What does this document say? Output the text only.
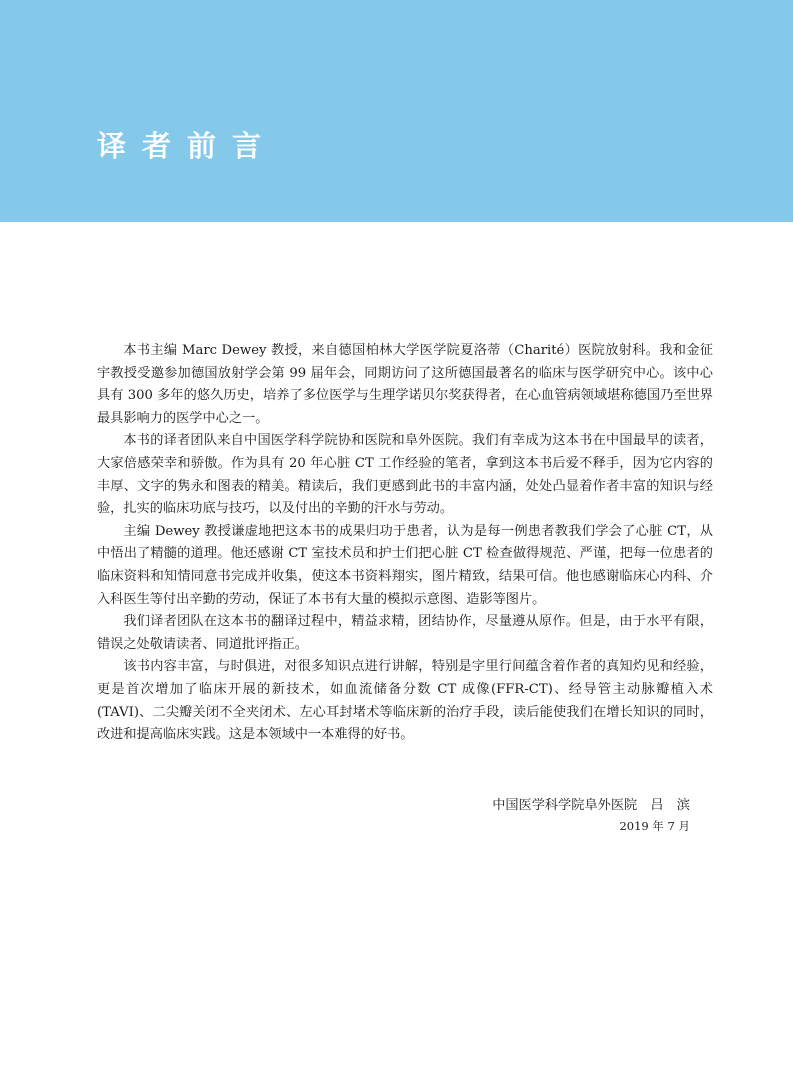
译者前言

本书主编 Marc Dewey 教授，来自德国柏林大学医学院夏洛蒂（Charité）医院放射科。我和金征宇教授受邀参加德国放射学会第 99 届年会，同期访问了这所德国最著名的临床与医学研究中心。该中心具有 300 多年的悠久历史，培养了多位医学与生理学诺贝尔奖获得者，在心血管病领域堪称德国乃至世界最具影响力的医学中心之一。

本书的译者团队来自中国医学科学院协和医院和阜外医院。我们有幸成为这本书在中国最早的读者，大家倍感荣幸和骄傲。作为具有 20 年心脏 CT 工作经验的笔者，拿到这本书后爱不释手，因为它内容的丰厚、文字的隽永和图表的精美。精读后，我们更感到此书的丰富内涵，处处凸显着作者丰富的知识与经验，扎实的临床功底与技巧，以及付出的辛勤的汗水与劳动。

主编 Dewey 教授谦虚地把这本书的成果归功于患者，认为是每一例患者教我们学会了心脏 CT，从中悟出了精髓的道理。他还感谢 CT 室技术员和护士们把心脏 CT 检查做得规范、严谨，把每一位患者的临床资料和知情同意书完成并收集，使这本书资料翔实，图片精致，结果可信。他也感谢临床心内科、介入科医生等付出辛勤的劳动，保证了本书有大量的模拟示意图、造影等图片。

我们译者团队在这本书的翻译过程中，精益求精，团结协作，尽量遵从原作。但是，由于水平有限，错误之处敬请读者、同道批评指正。

该书内容丰富，与时俱进，对很多知识点进行讲解，特别是字里行间蕴含着作者的真知灼见和经验，更是首次增加了临床开展的新技术，如血流储备分数 CT 成像(FFR-CT)、经导管主动脉瓣植入术(TAVI)、二尖瓣关闭不全夹闭术、左心耳封堵术等临床新的治疗手段，读后能使我们在增长知识的同时，改进和提高临床实践。这是本领域中一本难得的好书。

中国医学科学院阜外医院　吕　滨
2019 年 7 月
